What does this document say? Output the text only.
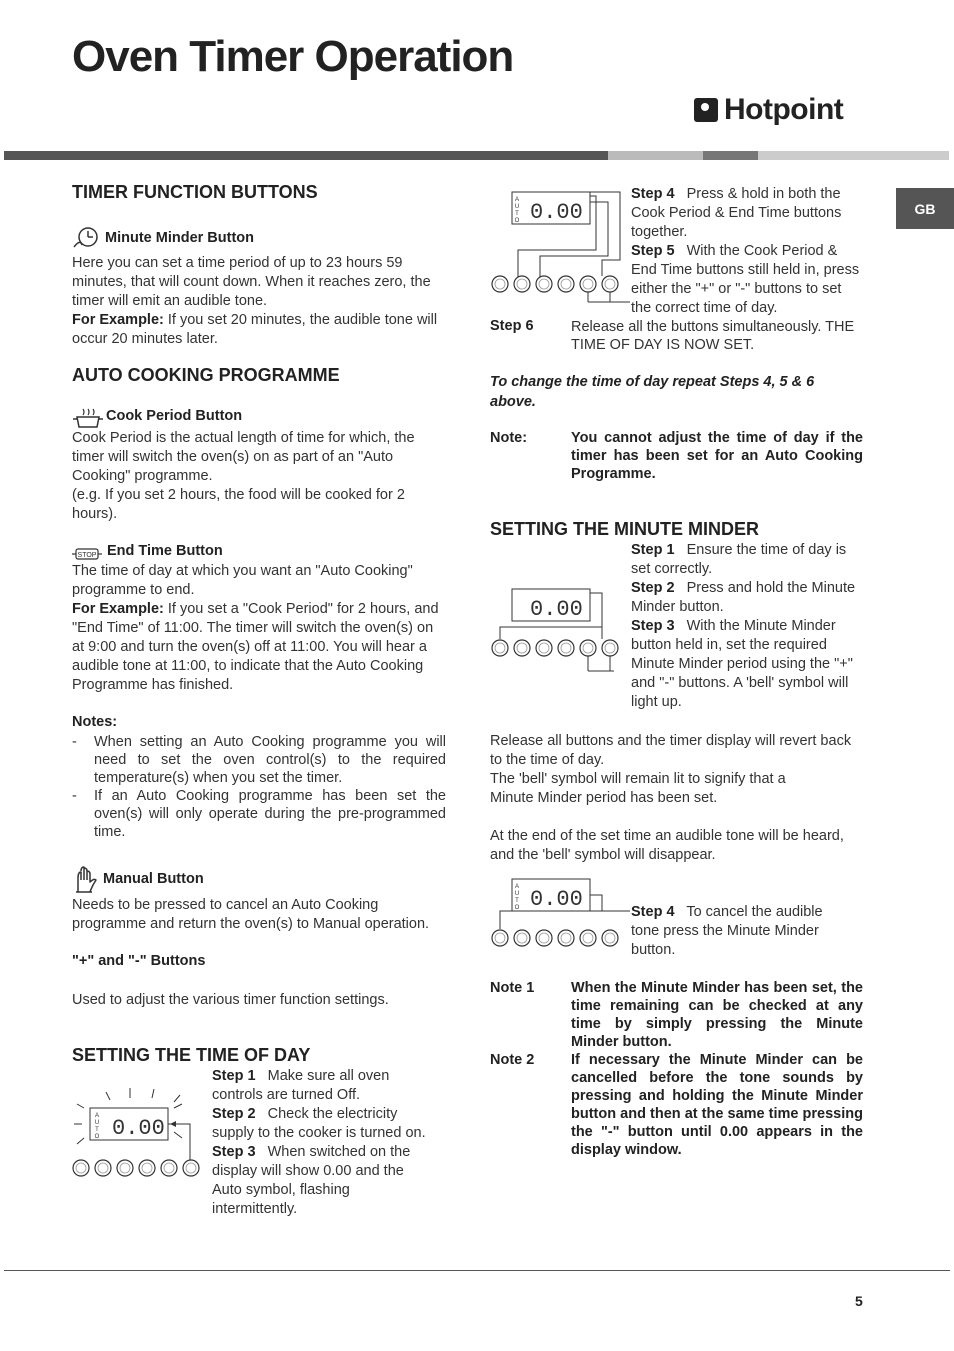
Oven Timer Operation
Hotpoint
GB
TIMER FUNCTION BUTTONS
Minute Minder Button

Here you can set a time period of up to 23 hours 59 minutes, that will count down. When it reaches zero, the timer will emit an audible tone.

For Example: If you set 20 minutes, the audible tone will occur 20 minutes later.

AUTO COOKING PROGRAMME
Cook Period Button

Cook Period is the actual length of time for which, the timer will switch the oven(s) on as part of an "Auto Cooking" programme.

(e.g. If you set 2 hours, the food will be cooked for 2 hours).

STOP End Time Button

The time of day at which you want an "Auto Cooking" programme to end.

For Example: If you set a "Cook Period" for 2 hours, and "End Time" of 11:00. The timer will switch the oven(s) on at 9:00 and turn the oven(s) off at 11:00. You will hear a audible tone at 11:00, to indicate that the Auto Cooking Programme has finished.

Notes:
- When setting an Auto Cooking programme you will need to set the oven control(s) to the required temperature(s) when you set the timer.
- If an Auto Cooking programme has been set the oven(s) will only operate during the pre-programmed time.
Manual Button

Needs to be pressed to cancel an Auto Cooking programme and return the oven(s) to Manual operation.

"+" and "-" Buttons

Used to adjust the various timer function settings.

SETTING THE TIME OF DAY
A
U
T
O 0.00
Step 1 Make sure all oven controls are turned Off.
Step 2 Check the electricity supply to the cooker is turned on.
Step 3 When switched on the display will show 0.00 and the Auto symbol, flashing intermittently.
A
U
T
O 0.00
Step 4 Press & hold in both the Cook Period & End Time buttons together.
Step 5 With the Cook Period & End Time buttons still held in, press either the "+" or "-" buttons to set the correct time of day.
Step 6	Release all the buttons simultaneously. THE TIME OF DAY IS NOW SET.

To change the time of day repeat Steps 4, 5 & 6 above.
Note:	You cannot adjust the time of day if the timer has been set for an Auto Cooking Programme.
SETTING THE MINUTE MINDER
0.00
Step 1 Ensure the time of day is set correctly.
Step 2 Press and hold the Minute Minder button.
Step 3 With the Minute Minder button held in, set the required Minute Minder period using the "+" and "-" buttons. A 'bell' symbol will light up.

Release all buttons and the timer display will revert back to the time of day.

The 'bell' symbol will remain lit to signify that a Minute Minder period has been set.

At the end of the set time an audible tone will be heard, and the 'bell' symbol will disappear.

A
U
T
O 0.00	Step 4 To cancel the audible tone press the Minute Minder button.
Note 1	When the Minute Minder has been set, the time remaining can be checked at any time by simply pressing the Minute Minder button.
Note 2	If necessary the Minute Minder can be cancelled before the tone sounds by pressing and holding the Minute Minder button and then at the same time pressing the "-" button until 0.00 appears in the display window.
5
